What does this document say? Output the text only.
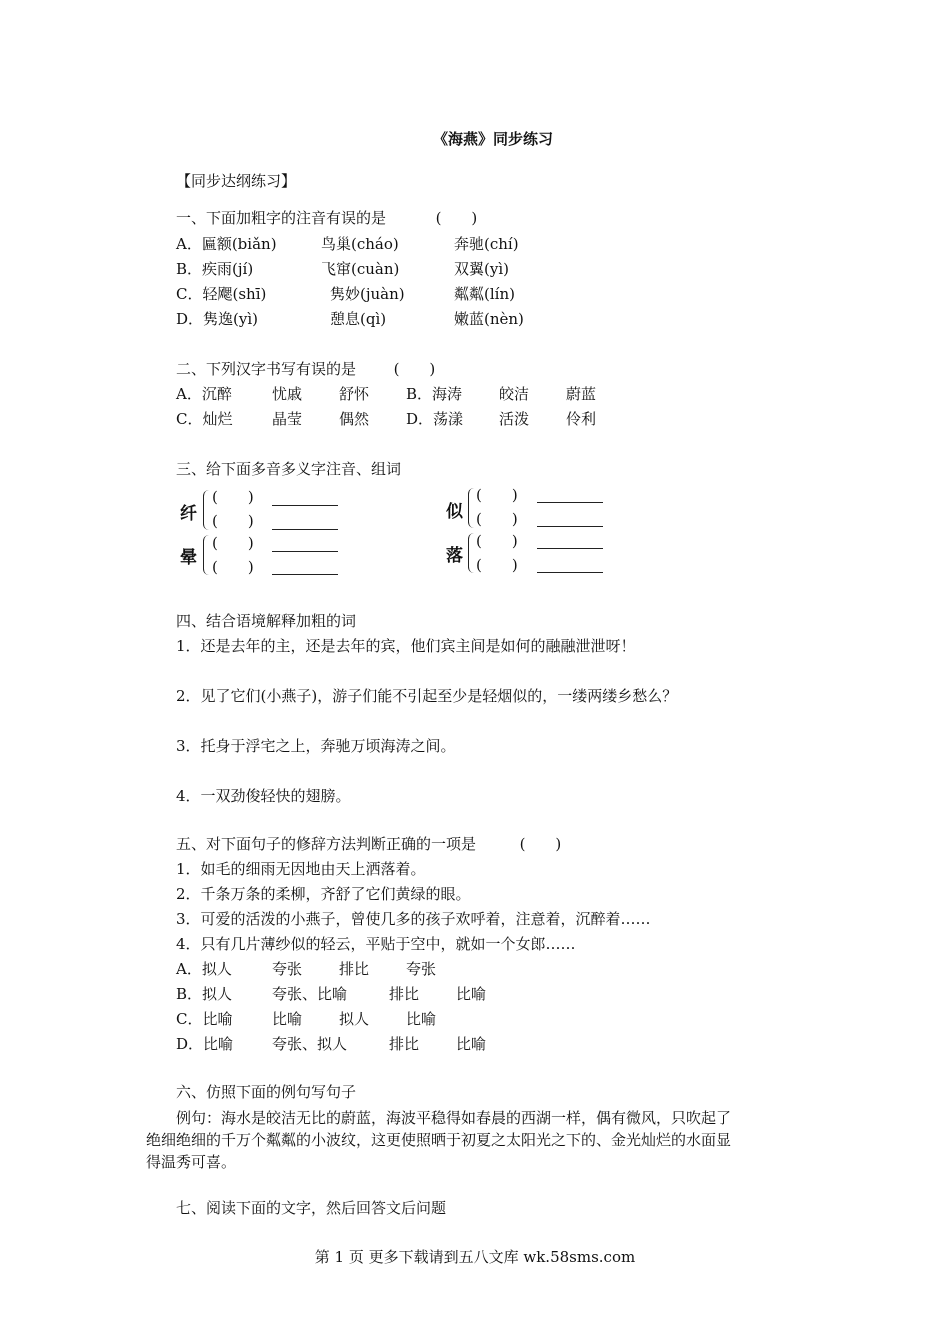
《海燕》同步练习
【同步达纲练习】
一、下面加粗字的注音有误的是	(　　)
A．匾额(biǎn)	鸟巢(cháo)	奔驰(chí)
B．疾雨(jí)	飞窜(cuàn)	双翼(yì)
C．轻飔(shī)	隽妙(juàn)	粼粼(lín)
D．隽逸(yì)	憩息(qì)	嫩蓝(nèn)
二、下列汉字书写有误的是	(　　)
A．沉醉	忧戚 舒怀 B．海涛 皎洁 蔚蓝
C．灿烂	晶莹 偶然 D．荡漾 活泼 伶利
三、给下面多音多义字注音、组词
纤
(　　)
(　　)
晕
(　　)
(　　)
似
(　　)
(　　)
落
(　　)
(　　)
四、结合语境解释加粗的词
1．还是去年的主，还是去年的宾，他们宾主间是如何的融融泄泄呀！
2．见了它们(小燕子)，游子们能不引起至少是轻烟似的，一缕两缕乡愁么？
3．托身于浮宅之上，奔驰万顷海涛之间。
4．一双劲俊轻快的翅膀。
五、对下面句子的修辞方法判断正确的一项是	(　　)
1．如毛的细雨无因地由天上洒落着。
2．千条万条的柔柳，齐舒了它们黄绿的眼。
3．可爱的活泼的小燕子，曾使几多的孩子欢呼着，注意着，沉醉着……
4．只有几片薄纱似的轻云，平贴于空中，就如一个女郎……
A．拟人	夸张 排比 夸张
B．拟人	夸张、比喻	排比 比喻
C．比喻	比喻 拟人 比喻
D．比喻	夸张、拟人	排比 比喻
六、仿照下面的例句写句子
例句：海水是皎洁无比的蔚蓝，海波平稳得如春晨的西湖一样，偶有微风，只吹起了
绝细绝细的千万个粼粼的小波纹，这更使照晒于初夏之太阳光之下的、金光灿烂的水面显
得温秀可喜。
七、阅读下面的文字，然后回答文后问题
第 1 页 更多下载请到五八文库 wk.58sms.com
